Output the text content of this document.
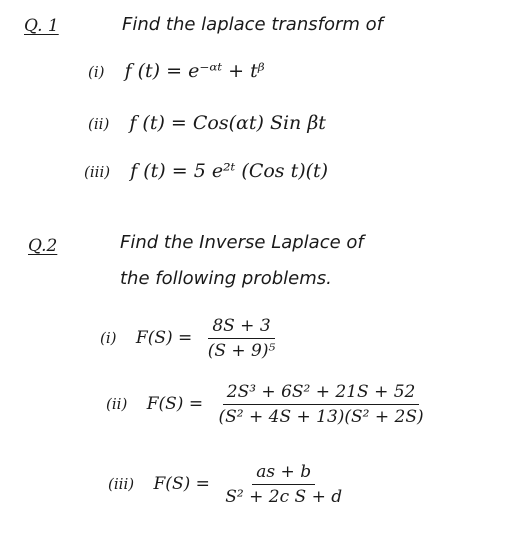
Q. 1	Find the laplace transform of
(i) f (t) = e⁻ᵅᵗ + tᵝ
(ii) f (t) = Cos(αt) Sin βt
(iii) f (t) = 5 e²ᵗ (Cos t)(t)
Q.2	Find the Inverse Laplace of
the following problems.
(i) $F(S) = \frac{8S + 3}{\text{(S + 9)⁵}}$
(ii) $F(S) = \frac{\text{2S³ + 6S² + 21S + 52}}{\text{(S² + 4S + 13)(S² + 2S)}}$
(iii) $F(S) = \frac{as + b}{\text{S² + 2c S + d}}$
